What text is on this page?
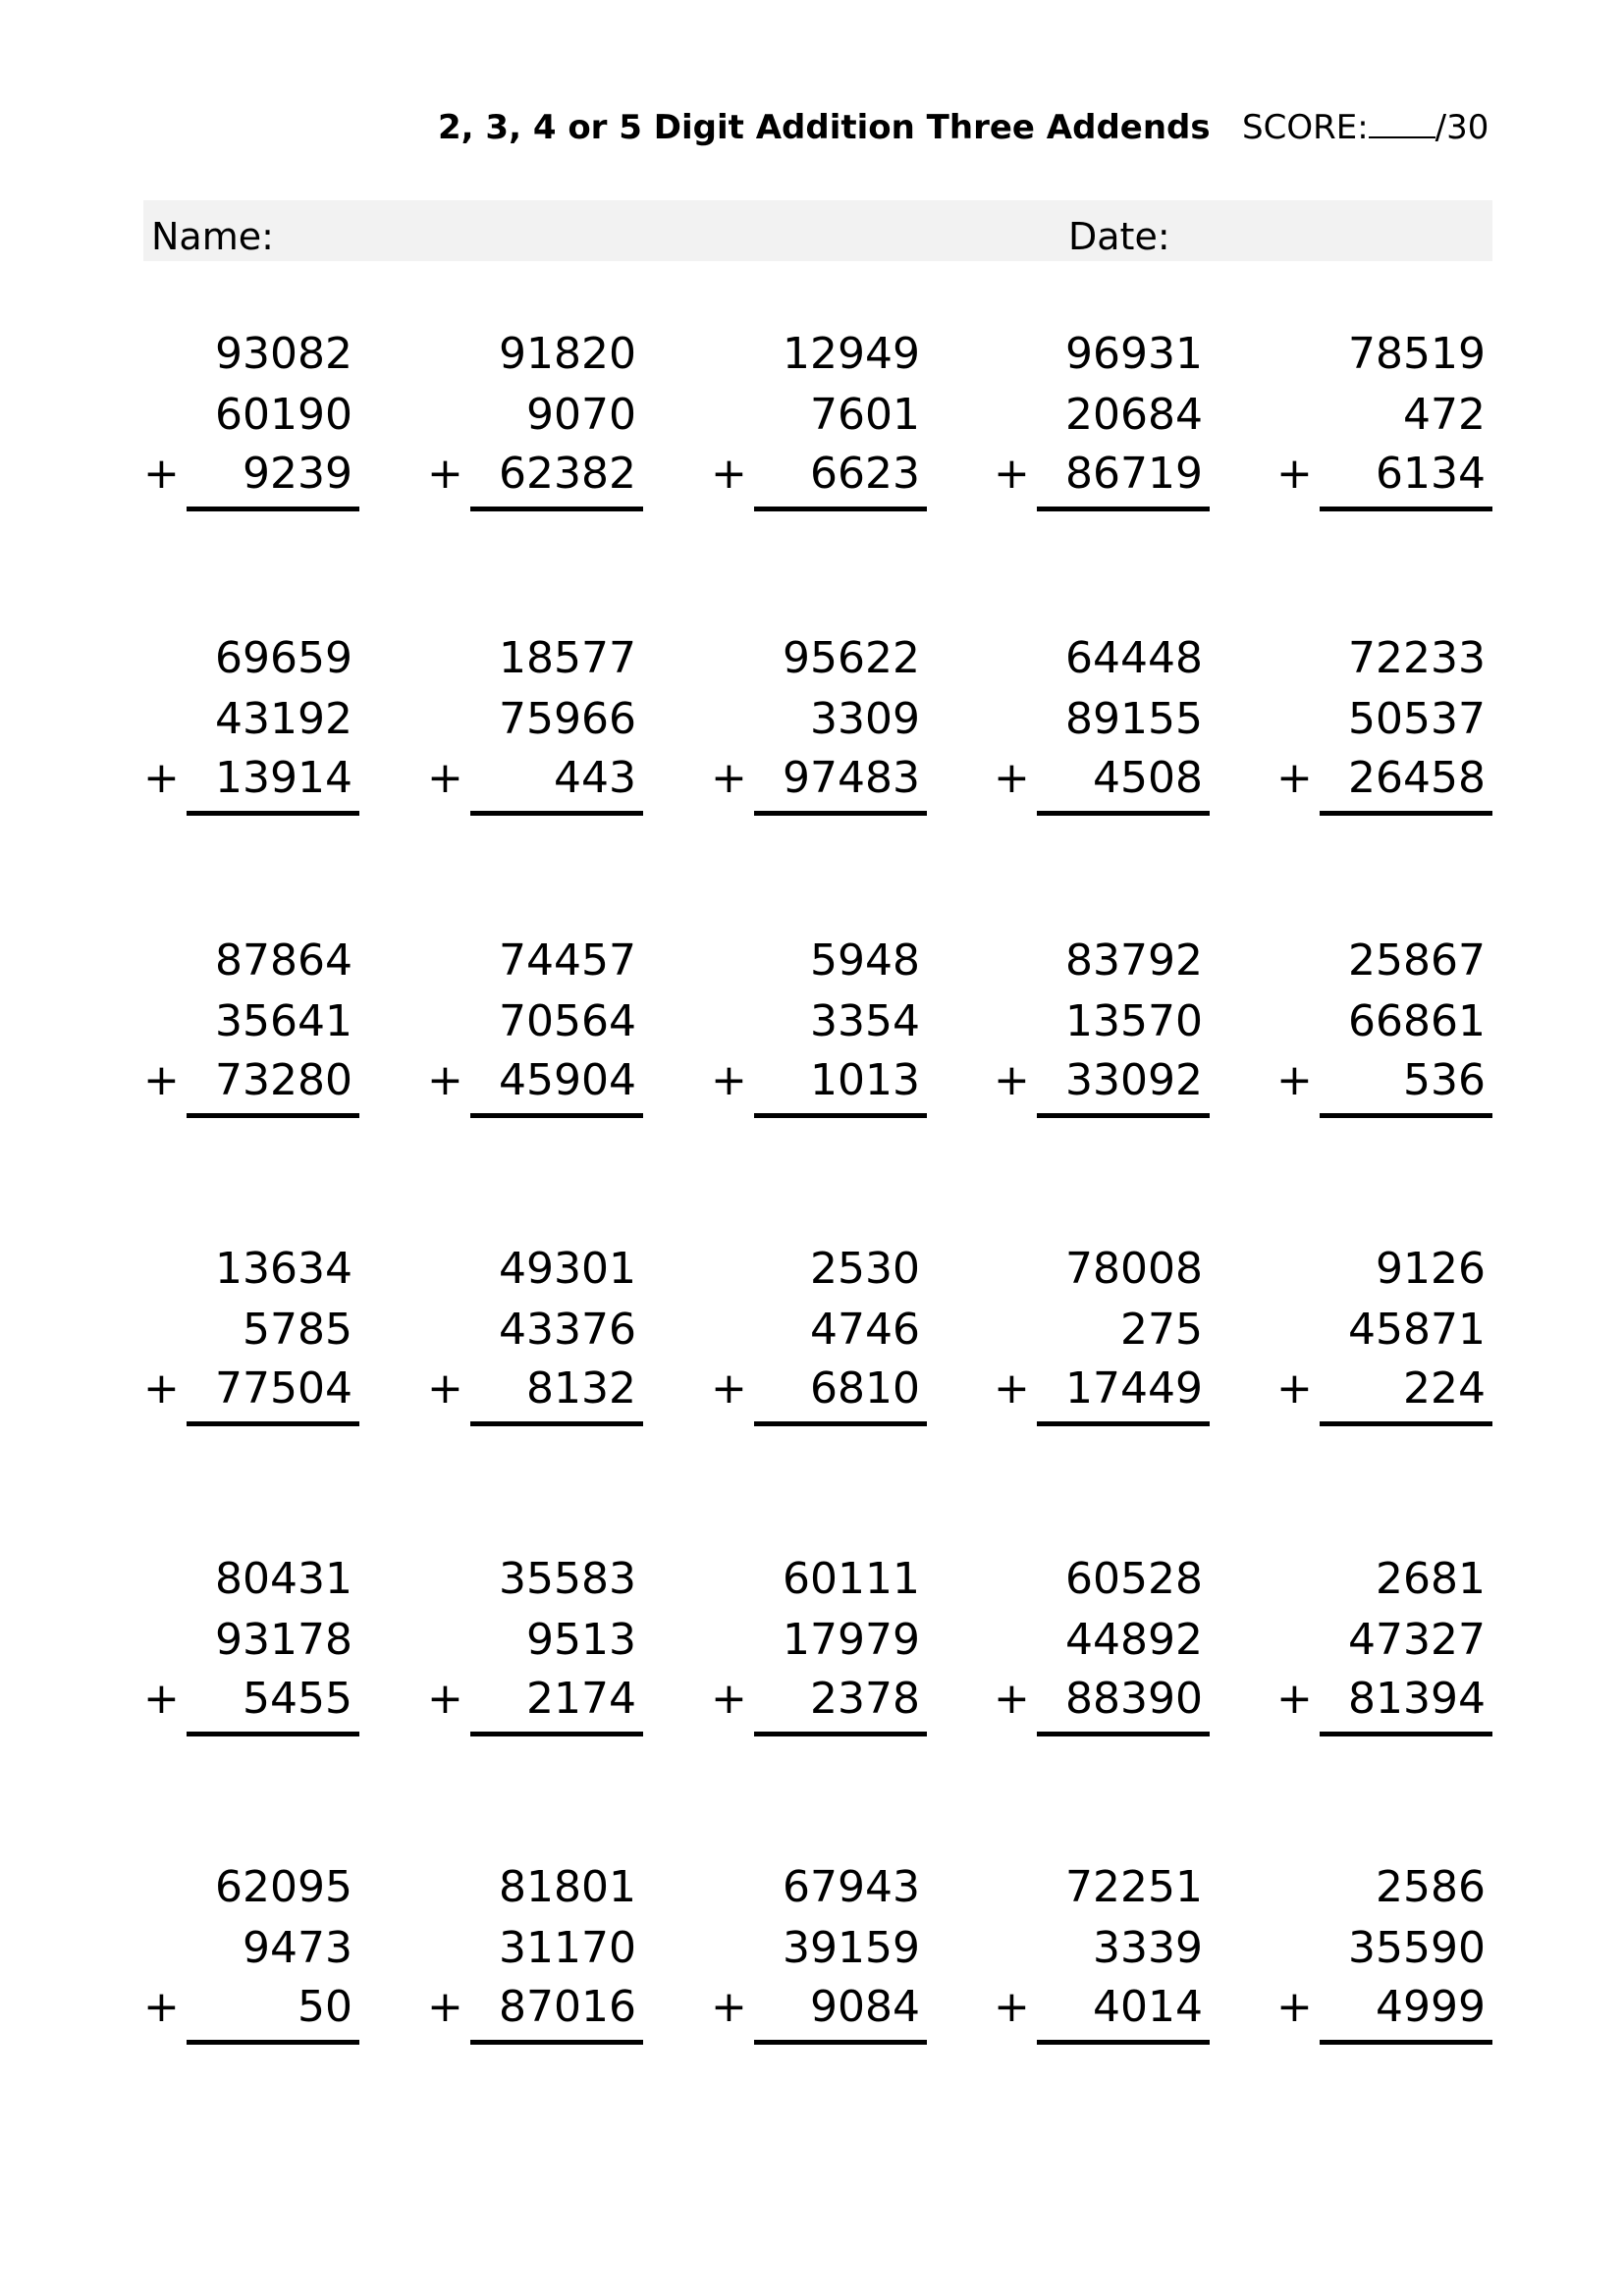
2, 3, 4 or 5 Digit Addition Three Addends SCORE: /30
Name:	Date:
93082
60190
+	9239
91820
9070
+ 62382
12949
7601
+	6623
96931
20684
+ 86719
78519
472
+	6134
69659
43192
+ 13914
18577
75966
+	443
95622
3309
+ 97483
64448
89155
+	4508
72233
50537
+ 26458
87864
35641
+ 73280
74457
70564
+ 45904
5948
3354
+	1013
83792
13570
+ 33092
25867
66861
+	536
13634
5785
+ 77504
49301
43376
+	8132
2530
4746
+	6810
78008
275
+ 17449
9126
45871
+	224
80431
93178
+	5455
35583
9513
+	2174
60111
17979
+	2378
60528
44892
+ 88390
2681
47327
+ 81394
62095
9473
+	50
81801
31170
+ 87016
67943
39159
+	9084
72251
3339
+	4014
2586
35590
+	4999
